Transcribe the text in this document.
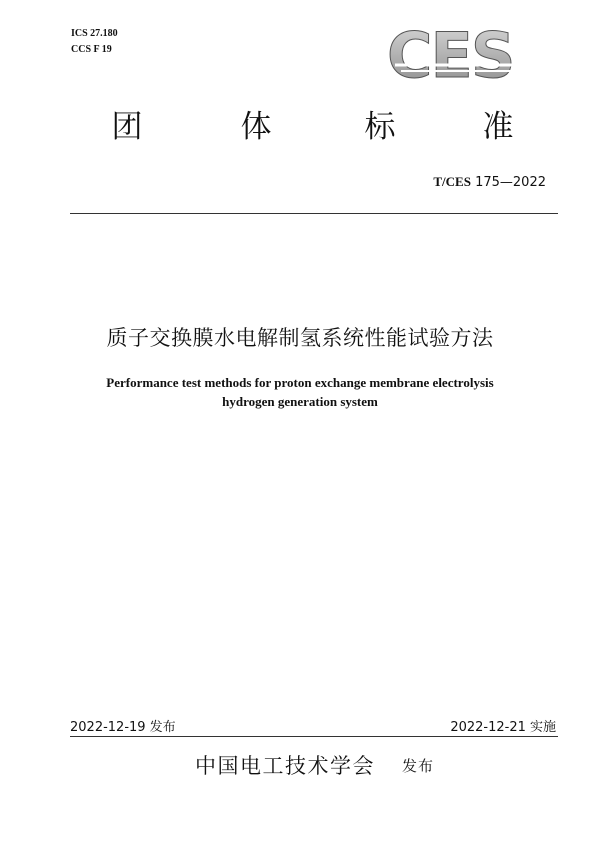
ICS 27.180
CCS F 19	CES
团	体	标	准
T/CES 175—2022
质子交换膜水电解制氢系统性能试验方法
Performance test methods for proton exchange membrane electrolysis
hydrogen generation system
2022-12-19 发布	2022-12-21 实施
中国电工技术学会 发布
